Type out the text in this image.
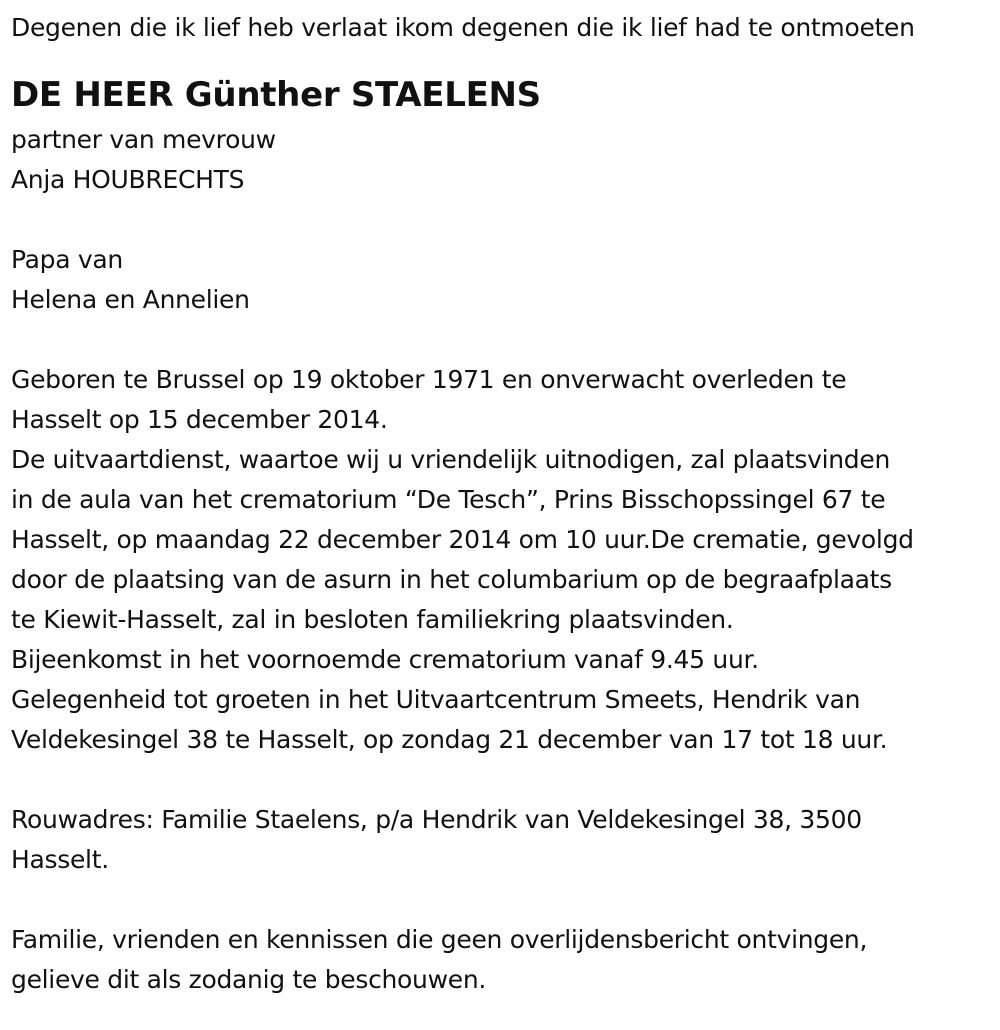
Degenen die ik lief heb verlaat ikom degenen die ik lief had te ontmoeten
DE HEER Günther STAELENS
partner van mevrouw
Anja HOUBRECHTS
Papa van
Helena en Annelien
Geboren te Brussel op 19 oktober 1971 en onverwacht overleden te
Hasselt op 15 december 2014.
De uitvaartdienst, waartoe wij u vriendelijk uitnodigen, zal plaatsvinden
in de aula van het crematorium “De Tesch”, Prins Bisschopssingel 67 te
Hasselt, op maandag 22 december 2014 om 10 uur.De crematie, gevolgd
door de plaatsing van de asurn in het columbarium op de begraafplaats
te Kiewit-Hasselt, zal in besloten familiekring plaatsvinden.
Bijeenkomst in het voornoemde crematorium vanaf 9.45 uur.
Gelegenheid tot groeten in het Uitvaartcentrum Smeets, Hendrik van
Veldekesingel 38 te Hasselt, op zondag 21 december van 17 tot 18 uur.
Rouwadres: Familie Staelens, p/a Hendrik van Veldekesingel 38, 3500
Hasselt.
Familie, vrienden en kennissen die geen overlijdensbericht ontvingen,
gelieve dit als zodanig te beschouwen.
